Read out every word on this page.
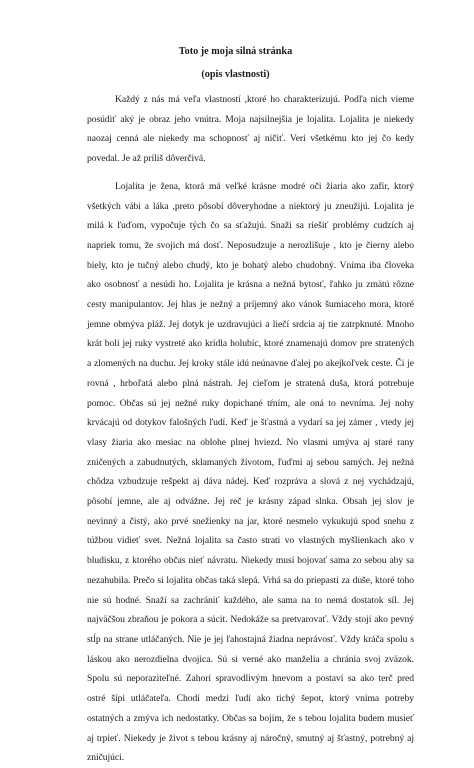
Toto je moja silná stránka
(opis vlastnosti)

Každý z nás má veľa vlastností ,ktoré ho charakterizujú. Podľa nich vieme posúdiť aký je obraz jeho vnútra. Moja najsilnejšia je lojalita. Lojalita je niekedy naozaj cenná ale niekedy ma schopnosť aj ničiť. Veri všetkému kto jej čo kedy povedal. Je až príliš dôverčivá.

Lojalita je žena, ktorá má veľké krásne modré oči žiaria ako zafír, ktorý všetkých vábi a láka ,preto pôsobí dôveryhodne a niektorý ju zneužijú. Lojalita je milá k ľuďom, vypočuje tých čo sa sťažujú. Snaží sa riešiť problémy cudzích aj napriek tomu, že svojich má dosť. Neposudzuje a nerozlišuje , kto je čierny alebo biely, kto je tučný alebo chudý, kto je bohatý alebo chudobný. Vníma iba človeka ako osobnosť a nesúdi ho. Lojalita je krásna a nežná bytosť, ľahko ju zmätú rôzne cesty manipulantov. Jej hlas je nežný a príjemný ako vánok šumiaceho mora, ktoré jemne obmýva pláž. Jej dotyk je uzdravujúci a liečí srdcia aj tie zatrpknuté. Mnoho krát boli jej ruky vystreté ako krídla holubíc, ktoré znamenajú domov pre stratených a zlomených na duchu. Jej kroky stále idú neúnavne ďalej po akejkoľvek ceste. Či je rovná , hrboľatá alebo plná nástrah. Jej cieľom je stratená duša, ktorá potrebuje pomoc. Občas sú jej nežné ruky dopichané tŕním, ale oná to nevníma. Jej nohy krvácajú od dotykov falošných ľudí. Keď je šťastná a vydarí sa jej zámer , vtedy jej vlasy žiaria ako mesiac na oblohe plnej hviezd. No vlasmi umýva aj staré rany zničených a zabudnutých, sklamaných životom, ľuďmi aj sebou samých. Jej nežná chôdza vzbudzuje rešpekt aj dáva nádej. Keď rozpráva a slová z nej vychádzajú, pôsobí jemne, ale aj odvážne. Jej reč je krásny západ slnka. Obsah jej slov je nevinný a čistý, ako prvé snežienky na jar, ktoré nesmelo vykukujú spod snehu z túžbou vidieť svet. Nežná lojalita sa často strati vo vlastných myšlienkach ako v bludisku, z ktorého občas nieť návratu. Niekedy musí bojovať sama zo sebou aby sa nezahubila. Prečo si lojalita občas taká slepá. Vrhá sa do priepasti za duše, ktoré toho nie sú hodné. Snaží sa zachrániť každého, ale sama na to nemá dostatok síl. Jej najväčšou zbraňou je pokora a súcit. Nedokáže sa pretvarovať. Vždy stojí ako pevný stĺp na strane utláčaných. Nie je jej ľahostajná žiadna neprávosť. Vždy kráča spolu s láskou ako nerozdielna dvojica. Sú si verné ako manželia a chránia svoj zväzok. Spolu sú neporaziteľné. Zahorí spravodlivým hnevom a postaví sa ako terč pred ostré šípi utláčateľa. Chodí medzi ľudí ako tichý šepot, ktorý vníma potreby ostatných a zmýva ich nedostatky. Občas sa bojím, že s tebou lojalita budem musieť aj trpieť. Niekedy je život s tebou krásny aj náročný, smutný aj šťastný, potrebný aj zničujúci.
